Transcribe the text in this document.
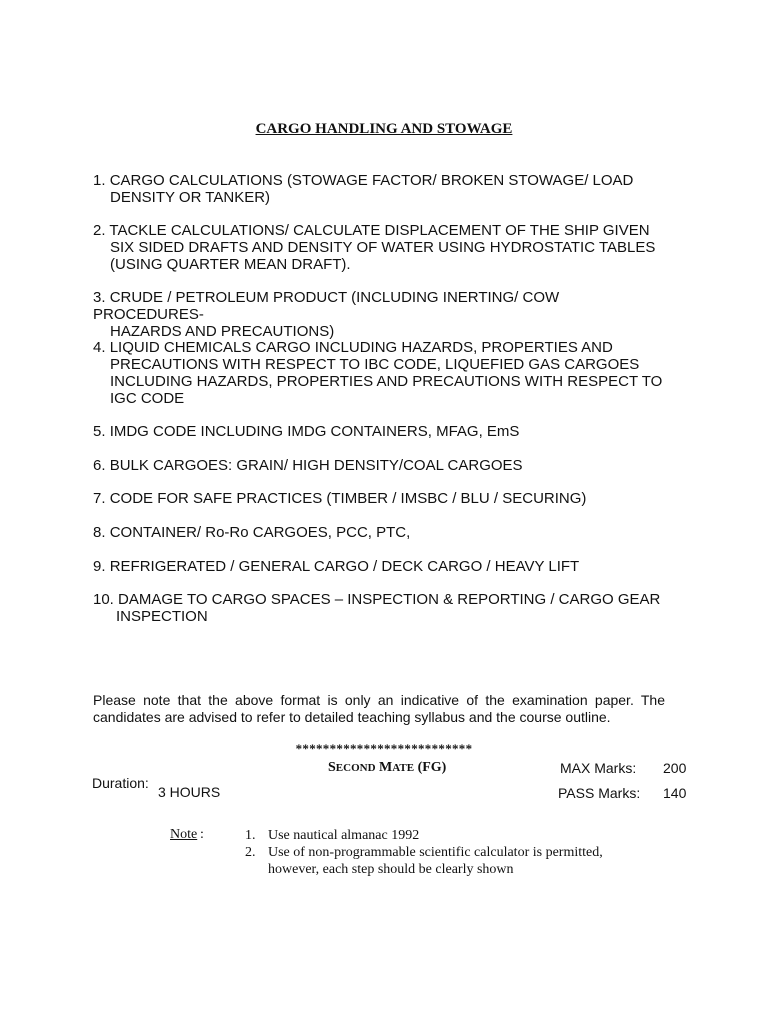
CARGO HANDLING AND STOWAGE
1. CARGO CALCULATIONS (STOWAGE FACTOR/ BROKEN STOWAGE/ LOAD
DENSITY OR TANKER)
2. TACKLE CALCULATIONS/ CALCULATE DISPLACEMENT OF THE SHIP GIVEN
SIX SIDED DRAFTS AND DENSITY OF WATER USING HYDROSTATIC TABLES
(USING QUARTER MEAN DRAFT).
3. CRUDE / PETROLEUM PRODUCT (INCLUDING INERTING/ COW PROCEDURES-
HAZARDS AND PRECAUTIONS)
4. LIQUID CHEMICALS CARGO INCLUDING HAZARDS, PROPERTIES AND
PRECAUTIONS WITH RESPECT TO IBC CODE, LIQUEFIED GAS CARGOES
INCLUDING HAZARDS, PROPERTIES AND PRECAUTIONS WITH RESPECT TO
IGC CODE
5. IMDG CODE INCLUDING IMDG CONTAINERS, MFAG, EmS
6. BULK CARGOES: GRAIN/ HIGH DENSITY/COAL CARGOES
7. CODE FOR SAFE PRACTICES (TIMBER / IMSBC / BLU / SECURING)
8. CONTAINER/ Ro-Ro CARGOES, PCC, PTC,
9. REFRIGERATED / GENERAL CARGO / DECK CARGO / HEAVY LIFT
10. DAMAGE TO CARGO SPACES – INSPECTION & REPORTING / CARGO GEAR
INSPECTION
Please note that the above format is only an indicative of the examination paper. The candidates are advised to refer to detailed teaching syllabus and the course outline.
**************************
SECOND MATE (FG)	MAX Marks: 200
Duration:
3 HOURS	PASS Marks: 140
Note :	1. Use nautical almanac 1992
2. Use of non-programmable scientific calculator is permitted,
however, each step should be clearly shown
